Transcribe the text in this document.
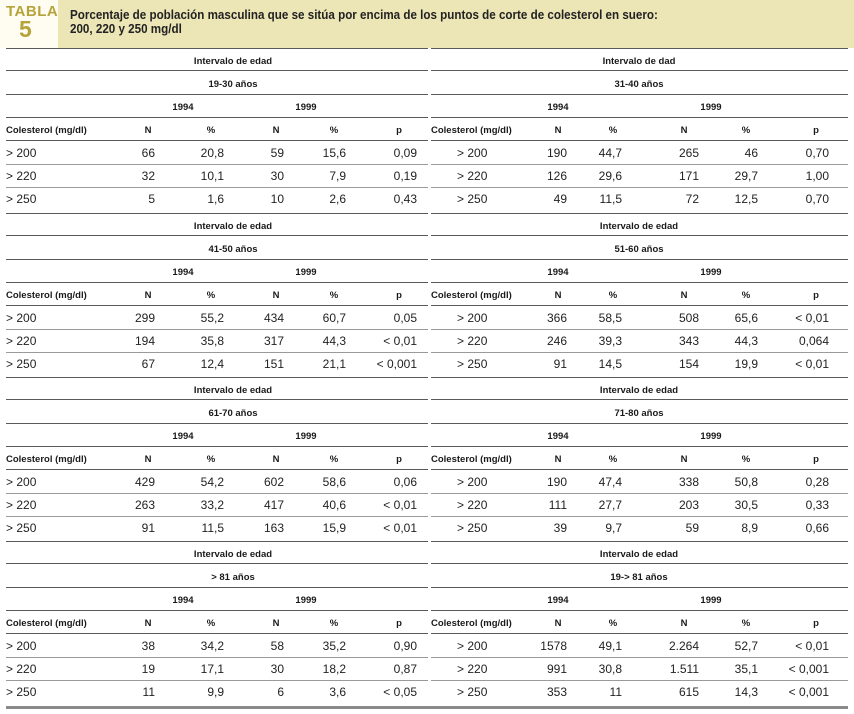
TABLA
5
Porcentaje de población masculina que se sitúa por encima de los puntos de corte de colesterol en suero:
200, 220 y 250 mg/dl
Intervalo de edad
19-30 años
1994	1999
Colesterol (mg/dl)	N	%	N	%	p
> 200	66	20,8	59	15,6	0,09
> 220	32	10,1	30	7,9	0,19
> 250	5	1,6	10	2,6	0,43
Intervalo de dad
31-40 años
1994	1999
Colesterol (mg/dl)	N	%	N	%	p
> 200	190	44,7	265	46	0,70
> 220	126	29,6	171	29,7	1,00
> 250	49	11,5	72	12,5	0,70
Intervalo de edad
41-50 años
1994	1999
Colesterol (mg/dl)	N	%	N	%	p
> 200	299	55,2	434	60,7	0,05
> 220	194	35,8	317	44,3	< 0,01
> 250	67	12,4	151	21,1	< 0,001
Intervalo de edad
51-60 años
1994	1999
Colesterol (mg/dl)	N	%	N	%	p
> 200	366	58,5	508	65,6	< 0,01
> 220	246	39,3	343	44,3	0,064
> 250	91	14,5	154	19,9	< 0,01
Intervalo de edad
61-70 años
1994	1999
Colesterol (mg/dl)	N	%	N	%	p
> 200	429	54,2	602	58,6	0,06
> 220	263	33,2	417	40,6	< 0,01
> 250	91	11,5	163	15,9	< 0,01
Intervalo de edad
71-80 años
1994	1999
Colesterol (mg/dl)	N	%	N	%	p
> 200	190	47,4	338	50,8	0,28
> 220	111	27,7	203	30,5	0,33
> 250	39	9,7	59	8,9	0,66
Intervalo de edad
> 81 años
1994	1999
Colesterol (mg/dl)	N	%	N	%	p
> 200	38	34,2	58	35,2	0,90
> 220	19	17,1	30	18,2	0,87
> 250	11	9,9	6	3,6	< 0,05
Intervalo de edad
19-> 81 años
1994	1999
Colesterol (mg/dl)	N	%	N	%	p
> 200	1578	49,1	2.264	52,7	< 0,01
> 220	991	30,8	1.511	35,1	< 0,001
> 250	353	11	615	14,3	< 0,001
